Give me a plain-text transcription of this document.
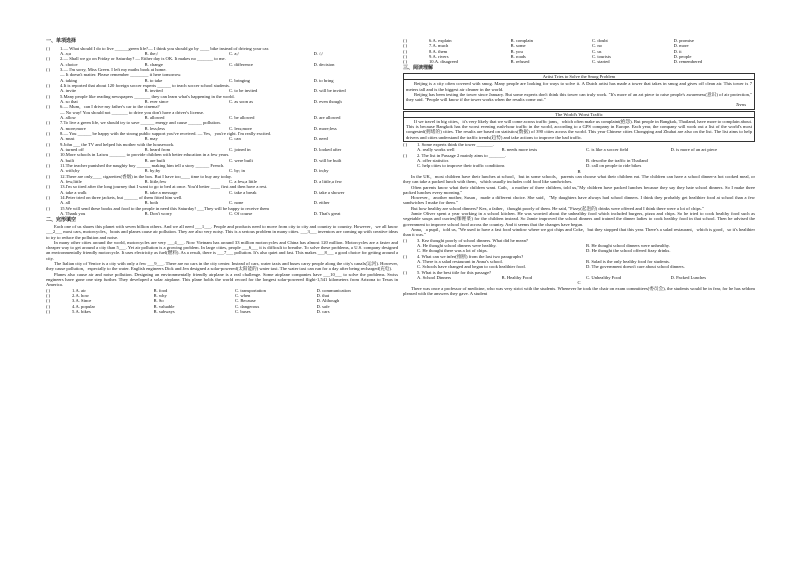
一、单项选择
( )	1.— What should I do to live ______green life?— I think you should go by ____ bike instead of driving your car.
A. a;a	B. the;/	C. a;/	D. /;/
( )	2.— Shall we go on Friday or Saturday? — Either day is OK. It makes no _______ to me.
A. choice	B. change	C. difference	D. decision
( )	3.— I'm sorry, Miss Green. I left my maths book at home.
— It doesn't matter. Please remember ________ it here tomorrow.
A. taking	B. to take	C. bringing	D. to bring
( )	4.It is reported that about 120 foreign soccer experts ______ to teach soccer school students.
A. invite	B. invited	C. to be invited	D. will be invited
( )	5.Many people like reading newspapers _______ they can learn what's happening in the world.
A. so that	B. ever since	C. as soon as	D. even though
( )	6.— Mum，can I drive my father's car to the cinema?
— No way! You should not _______ to drive you don't have a driver's license.
A. allow	B. allowed	C. be allowed	D. are allowed
( )	7.To live a green life, we should try to save ______ energy and cause ______ pollution.
A. more;more	B. less;less	C. less;more	D. more;less
( )	8.— You ______ be happy with the strong public support you've received. — Yes，you're right. I'm really excited.
A. must	B. may	C. can	D. need
( )	9.John ___ the TV and helped his mother with the housework.
A. turned off	B. heard from	C. joined in	D. looked after
( )	10.More schools in Laiwu _______ to provide children with better education in a few years.
A. built	B. are built	C. were built	D. will be built
( )	11.The teacher punished the naughty boy ______ making him tell a story ______ French.
A. with;by	B. by;by	C. by; in	D. in;by
( )	12.There are only____ cigarettes(香烟) in the box. But I have too____ time to buy any today.
A. few,little	B. little,few	C. a few,a little	D. a little,a few
( )	13.I'm so tired after the long journey that I want to go to bed at once. You'd better ____ first and then have a rest.
A. take a walk	B. take a message	C. take a break	D. take a shower
( )	14.Peter tried on three jackets, but ______ of them fitted him well.
A. all	B. both	C. none	D. either
( )	15.We will send these books and food to the people in need this Saturday! ___They will be happy to receive them
A. Thank you	B. Don't worry	C. Of course	D. That's great
二、完形填空
Each one of us shares this planet with seven billion others. And we all need ___1___. People and products need to move from city to city and country to country. However，we all know ___2___ most cars, motorcycles，boats and planes cause air pollution. They are also very noisy. This is a serious problem in many cities. ___3___ inventors are coming up with creative ideas to try to reduce the pollution and noise.
In many other cities around the world, motorcycles are very ___4___. Now Vietnam has around 33 million motorcycles and China has almost 120 million. Motorcycles are a faster and cheaper way to get around a city than 5___. Yet air pollution is a growing problem. In large cities, people ___6___ it is difficult to breathe. To solve these problems, a U.S. company designed an environmentally friendly motorcycle. It uses electricity as fuel(燃料). As a result, there is ___7___ pollution. It's also quiet and fast. This makes ___8___ a good choice for getting around a city.
The Italian city of Venice is a city with only a few ___9___. There are no cars in the city center. Instead of cars, water taxis and buses carry people along the city's canals(运河). However, they cause pollution，especially to the water. English engineers Dick and Jen designed a solar-powered(太阳能的) water taxi. The water taxi can run for a day after being recharged(充电).
Planes also cause air and noise pollution. Designing an environmentally friendly airplane is a real challenge. Some airplane companies have ___10___ to solve the problems. Swiss engineers have gone one step further. They developed a solar airplane. This plane holds the world record for the longest solar-powered flight-1,541 kilometers from Arizona to Texas in America.
( )	1.A. air	B. food	C. transportation	D. communication
( )	2.A. how	B. why	C. when	D. that
( )	3.A. Since	B. So	C. Because	D. Although
( )	4.A. popular	B. valuable	C. dangerous	D. safe
( )	5.A. bikes	B. subways	C. buses	D. cars
( )	6.A. explain	B. complain	C. doubt	D. promise
( )	7.A. much	B. some	C. no	D. more
( )	8.A. them	B. you	C. us	D. it
( )	9.A. rivers	B. roads	C. tourists	D. people
( )	10.A. disagreed	B. refused	C. started	D. remembered
三、阅读理解
Artist Tries to Solve the Smog Problem

Beijing is a city often covered with smog. Many people are looking for ways to solve it. A Dutch artist has made a tower that takes in smog and gives off clean air. This tower is 7 meters tall and is the biggest air cleaner in the world.

Beijing has been testing the tower since January. But some experts don't think this tower can truly work. "It's more of an art piece to raise people's awareness(意识) of air protection," they said. "People will know if the tower works when the results come out."

Teens
The World's Worst Traffic

If we travel in big cities，it's very likely that we will come across traffic jams，which often make us complaint(抱怨). But people in Bangkok, Thailand, have more to complain about. This is because Bangkok has the worst evening rush-hour traffic in the world, according to a GPS company in Europe. Each year, the company will work out a list of the world's most congested(拥堵的) cities. The results are based on statistics(数据) of 390 cities across the world. This year Chinese cities Chongqing and Zhuhai are also on the list. The list aims to help drivers and cities understand the traffic trends(趋势) and take actions to improve the bad traffic.

( )	1. Some experts think the tower _______.
A. really works well	B. needs more tests	C. is like a soccer field	D. is more of an art piece
( )	2. The list in Passage 2 mainly aims to _______.
A. offer statistics	B. describe the traffic in Thailand
C. help cities to improve their traffic conditions	D. call on people to ride bikes
B
In the UK，most children have their lunches at school，but in some schools，parents can choose what their children eat. The children can have a school dinner-a hot cooked meal, or they can take a packed lunch with them，which usually includes cold food like sandwiches.
Often parents know what their children want. Cath，a mother of three children, told us,"My children have packed lunches because they say they hate school dinners. So I make three packed lunches every morning."
However，another mother, Susan，made a different choice. She said，"My daughters have always had school dinners. I think they probably get healthier food at school than a few sandwiches I make for them."
But how healthy are school dinners? Kez, a father，thought poorly of them. He said, "Fizzy(起泡的) drinks were offered and I think there were a lot of chips."
Jamie Oliver spent a year working in a school kitchen. He was worried about the unhealthy food which included burgers, pizza and chips. So he tried to cook healthy food such as vegetable soups and curries(咖喱菜) for the children instead. So Jamie improved the school dinners and trained the dinner ladies to cook healthy food in that school. Then he advised the government to improve school food across the country. And it seems that the changes have begun.
Anna，a pupil，told us, "We used to have a fast food window where we got chips and Coke，but they stopped that this year. There's a salad restaurant，which is good，so it's healthier than it was."
( )	3. Kez thought poorly of school dinners. What did he mean?
A. He thought school dinners were healthy.	B. He thought school dinners were unhealthy.
C. He thought there was a lot of chips.	D. He thought the school offered fizzy drinks.
( )	4. What can we infer(推断) from the last two paragraphs?
A. There is a salad restaurant in Anna's school.	B. Salad is the only healthy food for students.
C. Schools have changed and began to cook healthier food.	D. The government doesn't care about school dinners.
( )	5. What is the best title for this passage?
A. School Dinners	B. Healthy Food	C. Unhealthy Food	D. Packed Lunches
C
There was once a professor of medicine, who was very strict with the students. Whenever he took the chair on exam committees(委员会), the students would be in fear, for he has seldom pleased with the answers they gave. A student
